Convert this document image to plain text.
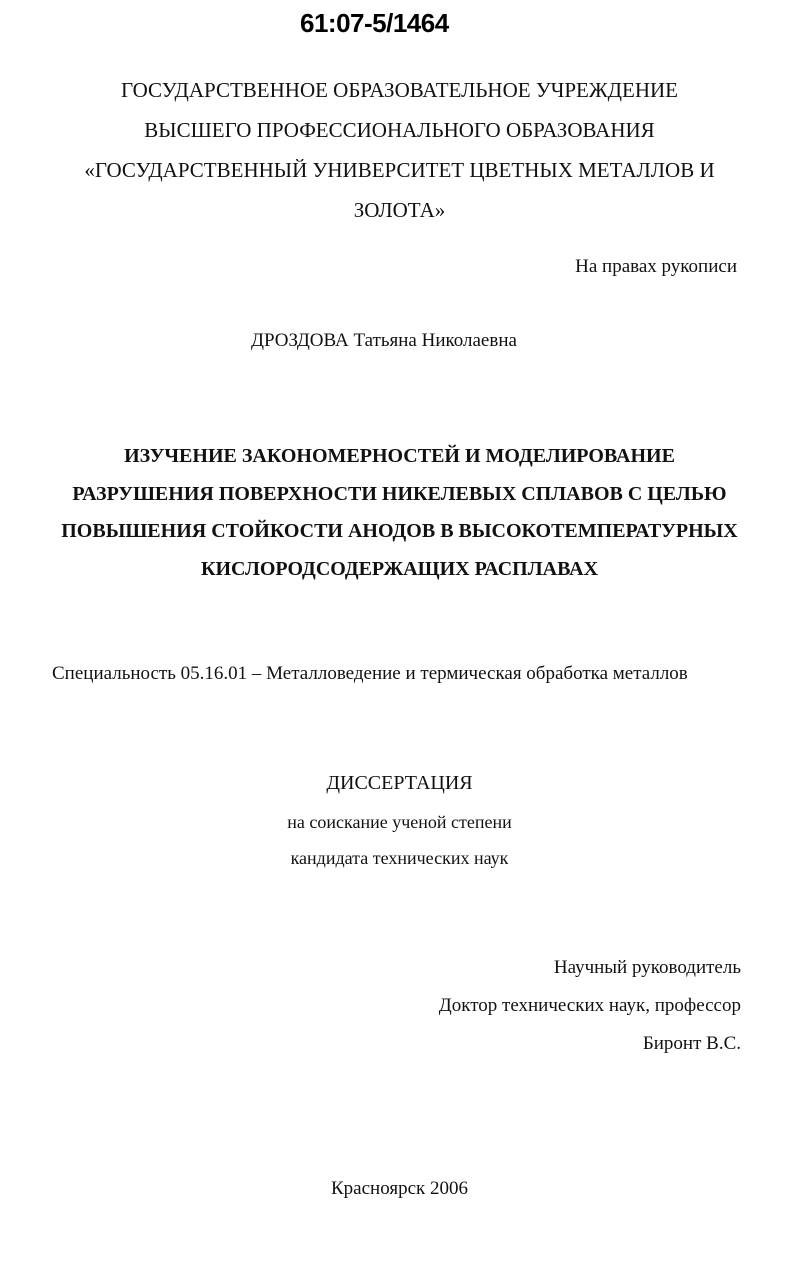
61:07-5/1464
ГОСУДАРСТВЕННОЕ ОБРАЗОВАТЕЛЬНОЕ УЧРЕЖДЕНИЕ
ВЫСШЕГО ПРОФЕССИОНАЛЬНОГО ОБРАЗОВАНИЯ
«ГОСУДАРСТВЕННЫЙ УНИВЕРСИТЕТ ЦВЕТНЫХ МЕТАЛЛОВ И
ЗОЛОТА»
На правах рукописи
ДРОЗДОВА Татьяна Николаевна
ИЗУЧЕНИЕ ЗАКОНОМЕРНОСТЕЙ И МОДЕЛИРОВАНИЕ
РАЗРУШЕНИЯ ПОВЕРХНОСТИ НИКЕЛЕВЫХ СПЛАВОВ С ЦЕЛЬЮ
ПОВЫШЕНИЯ СТОЙКОСТИ АНОДОВ В ВЫСОКОТЕМПЕРАТУРНЫХ
КИСЛОРОДСОДЕРЖАЩИХ РАСПЛАВАХ
Специальность 05.16.01 – Металловедение и термическая обработка металлов
ДИССЕРТАЦИЯ
на соискание ученой степени
кандидата технических наук
Научный руководитель
Доктор технических наук, профессор
Биронт В.С.
Красноярск 2006
